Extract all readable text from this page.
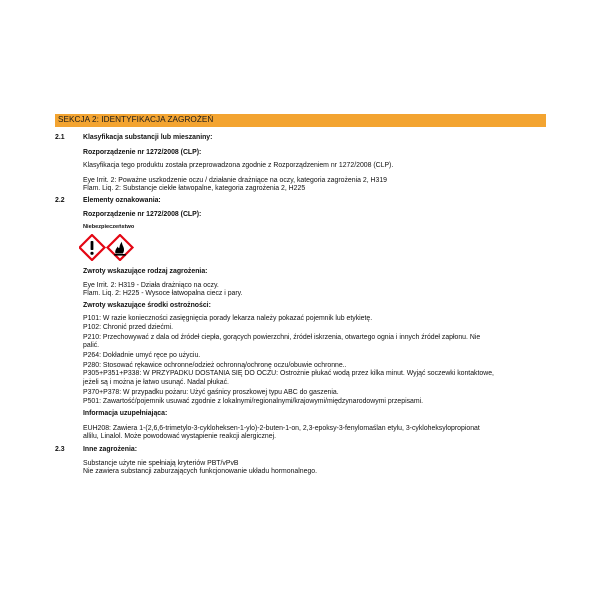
SEKCJA 2: IDENTYFIKACJA ZAGROŻEŃ
2.1	Klasyfikacja substancji lub mieszaniny:
Rozporządzenie nr 1272/2008 (CLP):
Klasyfikacja tego produktu została przeprowadzona zgodnie z Rozporządzeniem nr 1272/2008 (CLP).
Eye Irrit. 2: Poważne uszkodzenie oczu / działanie drażniące na oczy, kategoria zagrożenia 2, H319
Flam. Liq. 2: Substancje ciekłe łatwopalne, kategoria zagrożenia 2, H225
2.2	Elementy oznakowania:
Rozporządzenie nr 1272/2008 (CLP):
Niebezpieczeństwo
Zwroty wskazujące rodzaj zagrożenia:
Eye Irrit. 2: H319 - Działa drażniąco na oczy.
Flam. Liq. 2: H225 - Wysoce łatwopalna ciecz i pary.
Zwroty wskazujące środki ostrożności:
P101: W razie konieczności zasięgnięcia porady lekarza należy pokazać pojemnik lub etykietę.
P102: Chronić przed dziećmi.
P210: Przechowywać z dala od źródeł ciepła, gorących powierzchni, źródeł iskrzenia, otwartego ognia i innych źródeł zapłonu. Nie
palić.
P264: Dokładnie umyć ręce po użyciu.
P280: Stosować rękawice ochronne/odzież ochronną/ochronę oczu/obuwie ochronne..
P305+P351+P338: W PRZYPADKU DOSTANIA SIĘ DO OCZU: Ostrożnie płukać wodą przez kilka minut. Wyjąć soczewki kontaktowe,
jeżeli są i można je łatwo usunąć. Nadal płukać.
P370+P378: W przypadku pożaru: Użyć gaśnicy proszkowej typu ABC do gaszenia.
P501: Zawartość/pojemnik usuwać zgodnie z lokalnymi/regionalnymi/krajowymi/międzynarodowymi przepisami.
Informacja uzupełniająca:
EUH208: Zawiera 1-(2,6,6-trimetylo-3-cykloheksen-1-ylo)-2-buten-1-on, 2,3-epoksy-3-fenylomaślan etylu, 3-cykloheksylopropionat
allilu, Linalol. Może powodować wystąpienie reakcji alergicznej.
2.3	Inne zagrożenia:
Substancje użyte nie spełniają kryteriów PBT/vPvB
Nie zawiera substancji zaburzających funkcjonowanie układu hormonalnego.
